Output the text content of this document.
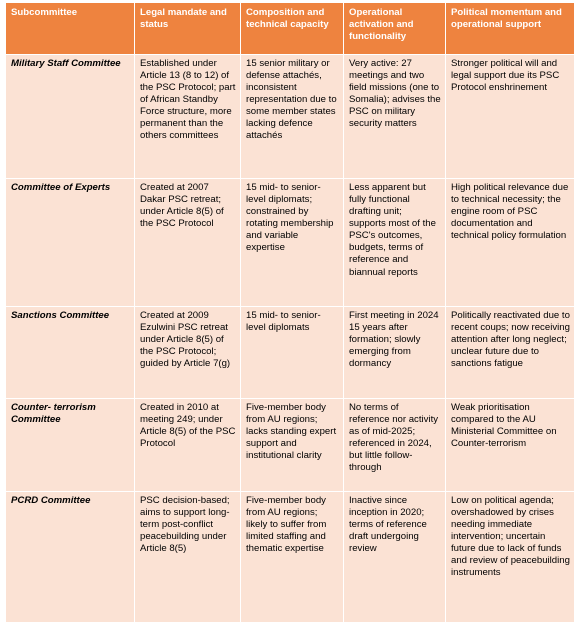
Subcommittee	Legal mandate and status	Composition and technical capacity	Operational activation and functionality	Political momentum and operational support
Military Staff Committee	Established under Article 13 (8 to 12) of the PSC Protocol; part of African Standby Force structure, more permanent than the others committees	15 senior military or defense attachés, inconsistent representation due to some member states lacking defence attachés	Very active: 27 meetings and two field missions (one to Somalia); advises the PSC on military security matters	Stronger political will and legal support due its PSC Protocol enshrinement
Committee of Experts	Created at 2007 Dakar PSC retreat; under Article 8(5) of the PSC Protocol	15 mid- to senior-level diplomats; constrained by rotating membership and variable expertise	Less apparent but fully functional drafting unit; supports most of the PSC's outcomes, budgets, terms of reference and biannual reports	High political relevance due to technical necessity; the engine room of PSC documentation and technical policy formulation
Sanctions Committee	Created at 2009 Ezulwini PSC retreat under Article 8(5) of the PSC Protocol; guided by Article 7(g)	15 mid- to senior-level diplomats	First meeting in 2024 15 years after formation; slowly emerging from dormancy	Politically reactivated due to recent coups; now receiving attention after long neglect; unclear future due to sanctions fatigue
Counter- terrorism Committee	Created in 2010 at meeting 249; under Article 8(5) of the PSC Protocol	Five-member body from AU regions; lacks standing expert support and institutional clarity	No terms of reference nor activity as of mid-2025; referenced in 2024, but little follow-through	Weak prioritisation compared to the AU Ministerial Committee on Counter-terrorism
PCRD Committee	PSC decision-based; aims to support long-term post-conflict peacebuilding under Article 8(5)	Five-member body from AU regions; likely to suffer from limited staffing and thematic expertise	Inactive since inception in 2020; terms of reference draft undergoing review	Low on political agenda; overshadowed by crises needing immediate intervention; uncertain future due to lack of funds and review of peacebuilding instruments
